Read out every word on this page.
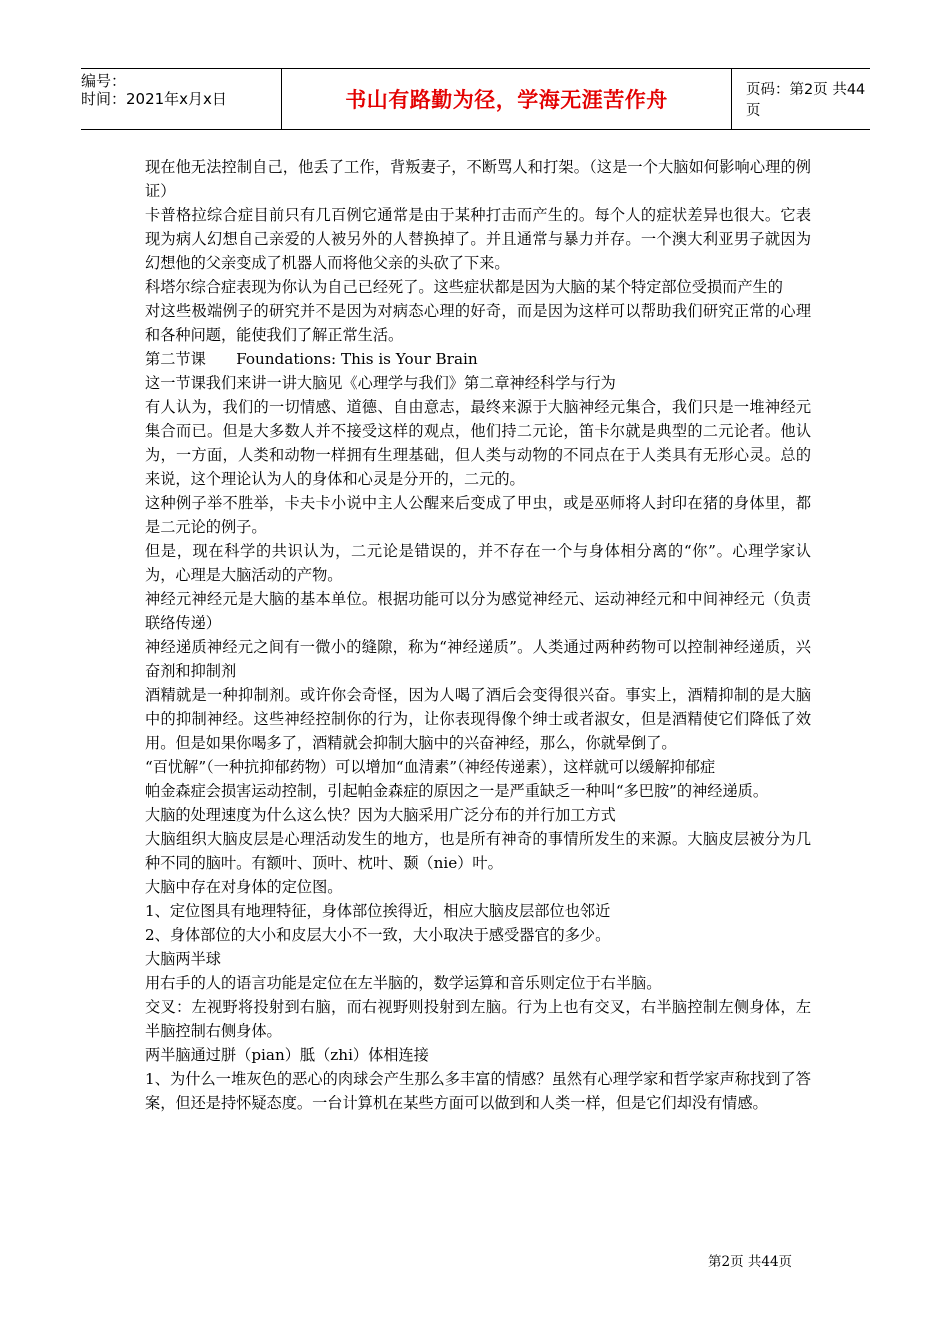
编号：
时间：2021年x月x日	书山有路勤为径，学海无涯苦作舟	页码：第2页 共44页

现在他无法控制自己，他丢了工作，背叛妻子，不断骂人和打架。（这是一个大脑如何影响心理的例证）

卡普格拉综合症目前只有几百例它通常是由于某种打击而产生的。每个人的症状差异也很大。它表现为病人幻想自己亲爱的人被另外的人替换掉了。并且通常与暴力并存。一个澳大利亚男子就因为幻想他的父亲变成了机器人而将他父亲的头砍了下来。

科塔尔综合症表现为你认为自己已经死了。这些症状都是因为大脑的某个特定部位受损而产生的

对这些极端例子的研究并不是因为对病态心理的好奇，而是因为这样可以帮助我们研究正常的心理和各种问题，能使我们了解正常生活。

第二节课　　Foundations: This is Your Brain

这一节课我们来讲一讲大脑见《心理学与我们》第二章神经科学与行为

有人认为，我们的一切情感、道德、自由意志，最终来源于大脑神经元集合，我们只是一堆神经元集合而已。但是大多数人并不接受这样的观点，他们持二元论，笛卡尔就是典型的二元论者。他认为，一方面，人类和动物一样拥有生理基础，但人类与动物的不同点在于人类具有无形心灵。总的来说，这个理论认为人的身体和心灵是分开的，二元的。

这种例子举不胜举，卡夫卡小说中主人公醒来后变成了甲虫，或是巫师将人封印在猪的身体里，都是二元论的例子。

但是，现在科学的共识认为，二元论是错误的，并不存在一个与身体相分离的“你”。心理学家认为，心理是大脑活动的产物。

神经元神经元是大脑的基本单位。根据功能可以分为感觉神经元、运动神经元和中间神经元（负责联络传递）

神经递质神经元之间有一微小的缝隙，称为“神经递质”。人类通过两种药物可以控制神经递质，兴奋剂和抑制剂

酒精就是一种抑制剂。或许你会奇怪，因为人喝了酒后会变得很兴奋。事实上，酒精抑制的是大脑中的抑制神经。这些神经控制你的行为，让你表现得像个绅士或者淑女，但是酒精使它们降低了效用。但是如果你喝多了，酒精就会抑制大脑中的兴奋神经，那么，你就晕倒了。

“百忧解”（一种抗抑郁药物）可以增加“血清素”（神经传递素），这样就可以缓解抑郁症

帕金森症会损害运动控制，引起帕金森症的原因之一是严重缺乏一种叫“多巴胺”的神经递质。

大脑的处理速度为什么这么快？因为大脑采用广泛分布的并行加工方式

大脑组织大脑皮层是心理活动发生的地方，也是所有神奇的事情所发生的来源。大脑皮层被分为几种不同的脑叶。有额叶、顶叶、枕叶、颞（nie）叶。

大脑中存在对身体的定位图。

1、定位图具有地理特征，身体部位挨得近，相应大脑皮层部位也邻近

2、身体部位的大小和皮层大小不一致，大小取决于感受器官的多少。

大脑两半球

用右手的人的语言功能是定位在左半脑的，数学运算和音乐则定位于右半脑。

交叉：左视野将投射到右脑，而右视野则投射到左脑。行为上也有交叉，右半脑控制左侧身体，左半脑控制右侧身体。

两半脑通过胼（pian）胝（zhi）体相连接

1、为什么一堆灰色的恶心的肉球会产生那么多丰富的情感？虽然有心理学家和哲学家声称找到了答案，但还是持怀疑态度。一台计算机在某些方面可以做到和人类一样，但是它们却没有情感。

第2页 共44页
